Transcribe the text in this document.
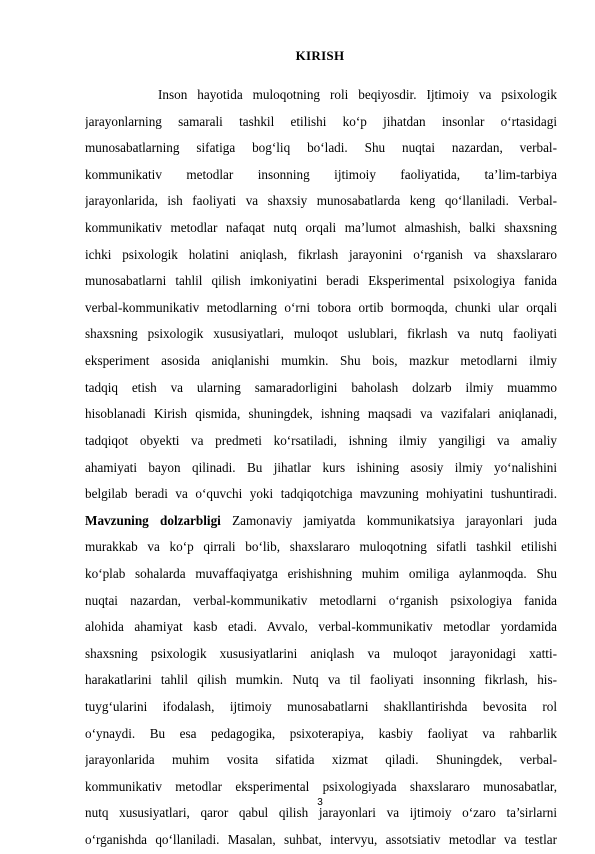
KIRISH
Inson hayotida muloqotning roli beqiyosdir. Ijtimoiy va psixologik
jarayonlarning samarali tashkil etilishi ko‘p jihatdan insonlar o‘rtasidagi
munosabatlarning sifatiga bog‘liq bo‘ladi. Shu nuqtai nazardan, verbal-
kommunikativ metodlar insonning ijtimoiy faoliyatida, ta’lim-tarbiya
jarayonlarida, ish faoliyati va shaxsiy munosabatlarda keng qo‘llaniladi. Verbal-
kommunikativ metodlar nafaqat nutq orqali ma’lumot almashish, balki shaxsning
ichki psixologik holatini aniqlash, fikrlash jarayonini o‘rganish va shaxslararo
munosabatlarni tahlil qilish imkoniyatini beradi Eksperimental psixologiya fanida
verbal-kommunikativ metodlarning o‘rni tobora ortib bormoqda, chunki ular orqali
shaxsning psixologik xususiyatlari, muloqot uslublari, fikrlash va nutq faoliyati
eksperiment asosida aniqlanishi mumkin. Shu bois, mazkur metodlarni ilmiy
tadqiq etish va ularning samaradorligini baholash dolzarb ilmiy muammo
hisoblanadi Kirish qismida, shuningdek, ishning maqsadi va vazifalari aniqlanadi,
tadqiqot obyekti va predmeti ko‘rsatiladi, ishning ilmiy yangiligi va amaliy
ahamiyati bayon qilinadi. Bu jihatlar kurs ishining asosiy ilmiy yo‘nalishini
belgilab beradi va o‘quvchi yoki tadqiqotchiga mavzuning mohiyatini tushuntiradi.
Mavzuning dolzarbligi Zamonaviy jamiyatda kommunikatsiya jarayonlari juda
murakkab va ko‘p qirrali bo‘lib, shaxslararo muloqotning sifatli tashkil etilishi
ko‘plab sohalarda muvaffaqiyatga erishishning muhim omiliga aylanmoqda. Shu
nuqtai nazardan, verbal-kommunikativ metodlarni o‘rganish psixologiya fanida
alohida ahamiyat kasb etadi. Avvalo, verbal-kommunikativ metodlar yordamida
shaxsning psixologik xususiyatlarini aniqlash va muloqot jarayonidagi xatti-
harakatlarini tahlil qilish mumkin. Nutq va til faoliyati insonning fikrlash, his-
tuyg‘ularini ifodalash, ijtimoiy munosabatlarni shakllantirishda bevosita rol
o‘ynaydi. Bu esa pedagogika, psixoterapiya, kasbiy faoliyat va rahbarlik
jarayonlarida muhim vosita sifatida xizmat qiladi. Shuningdek, verbal-
kommunikativ metodlar eksperimental psixologiyada shaxslararo munosabatlar,
nutq xususiyatlari, qaror qabul qilish jarayonlari va ijtimoiy o‘zaro ta’sirlarni
o‘rganishda qo‘llaniladi. Masalan, suhbat, intervyu, assotsiativ metodlar va testlar
3
